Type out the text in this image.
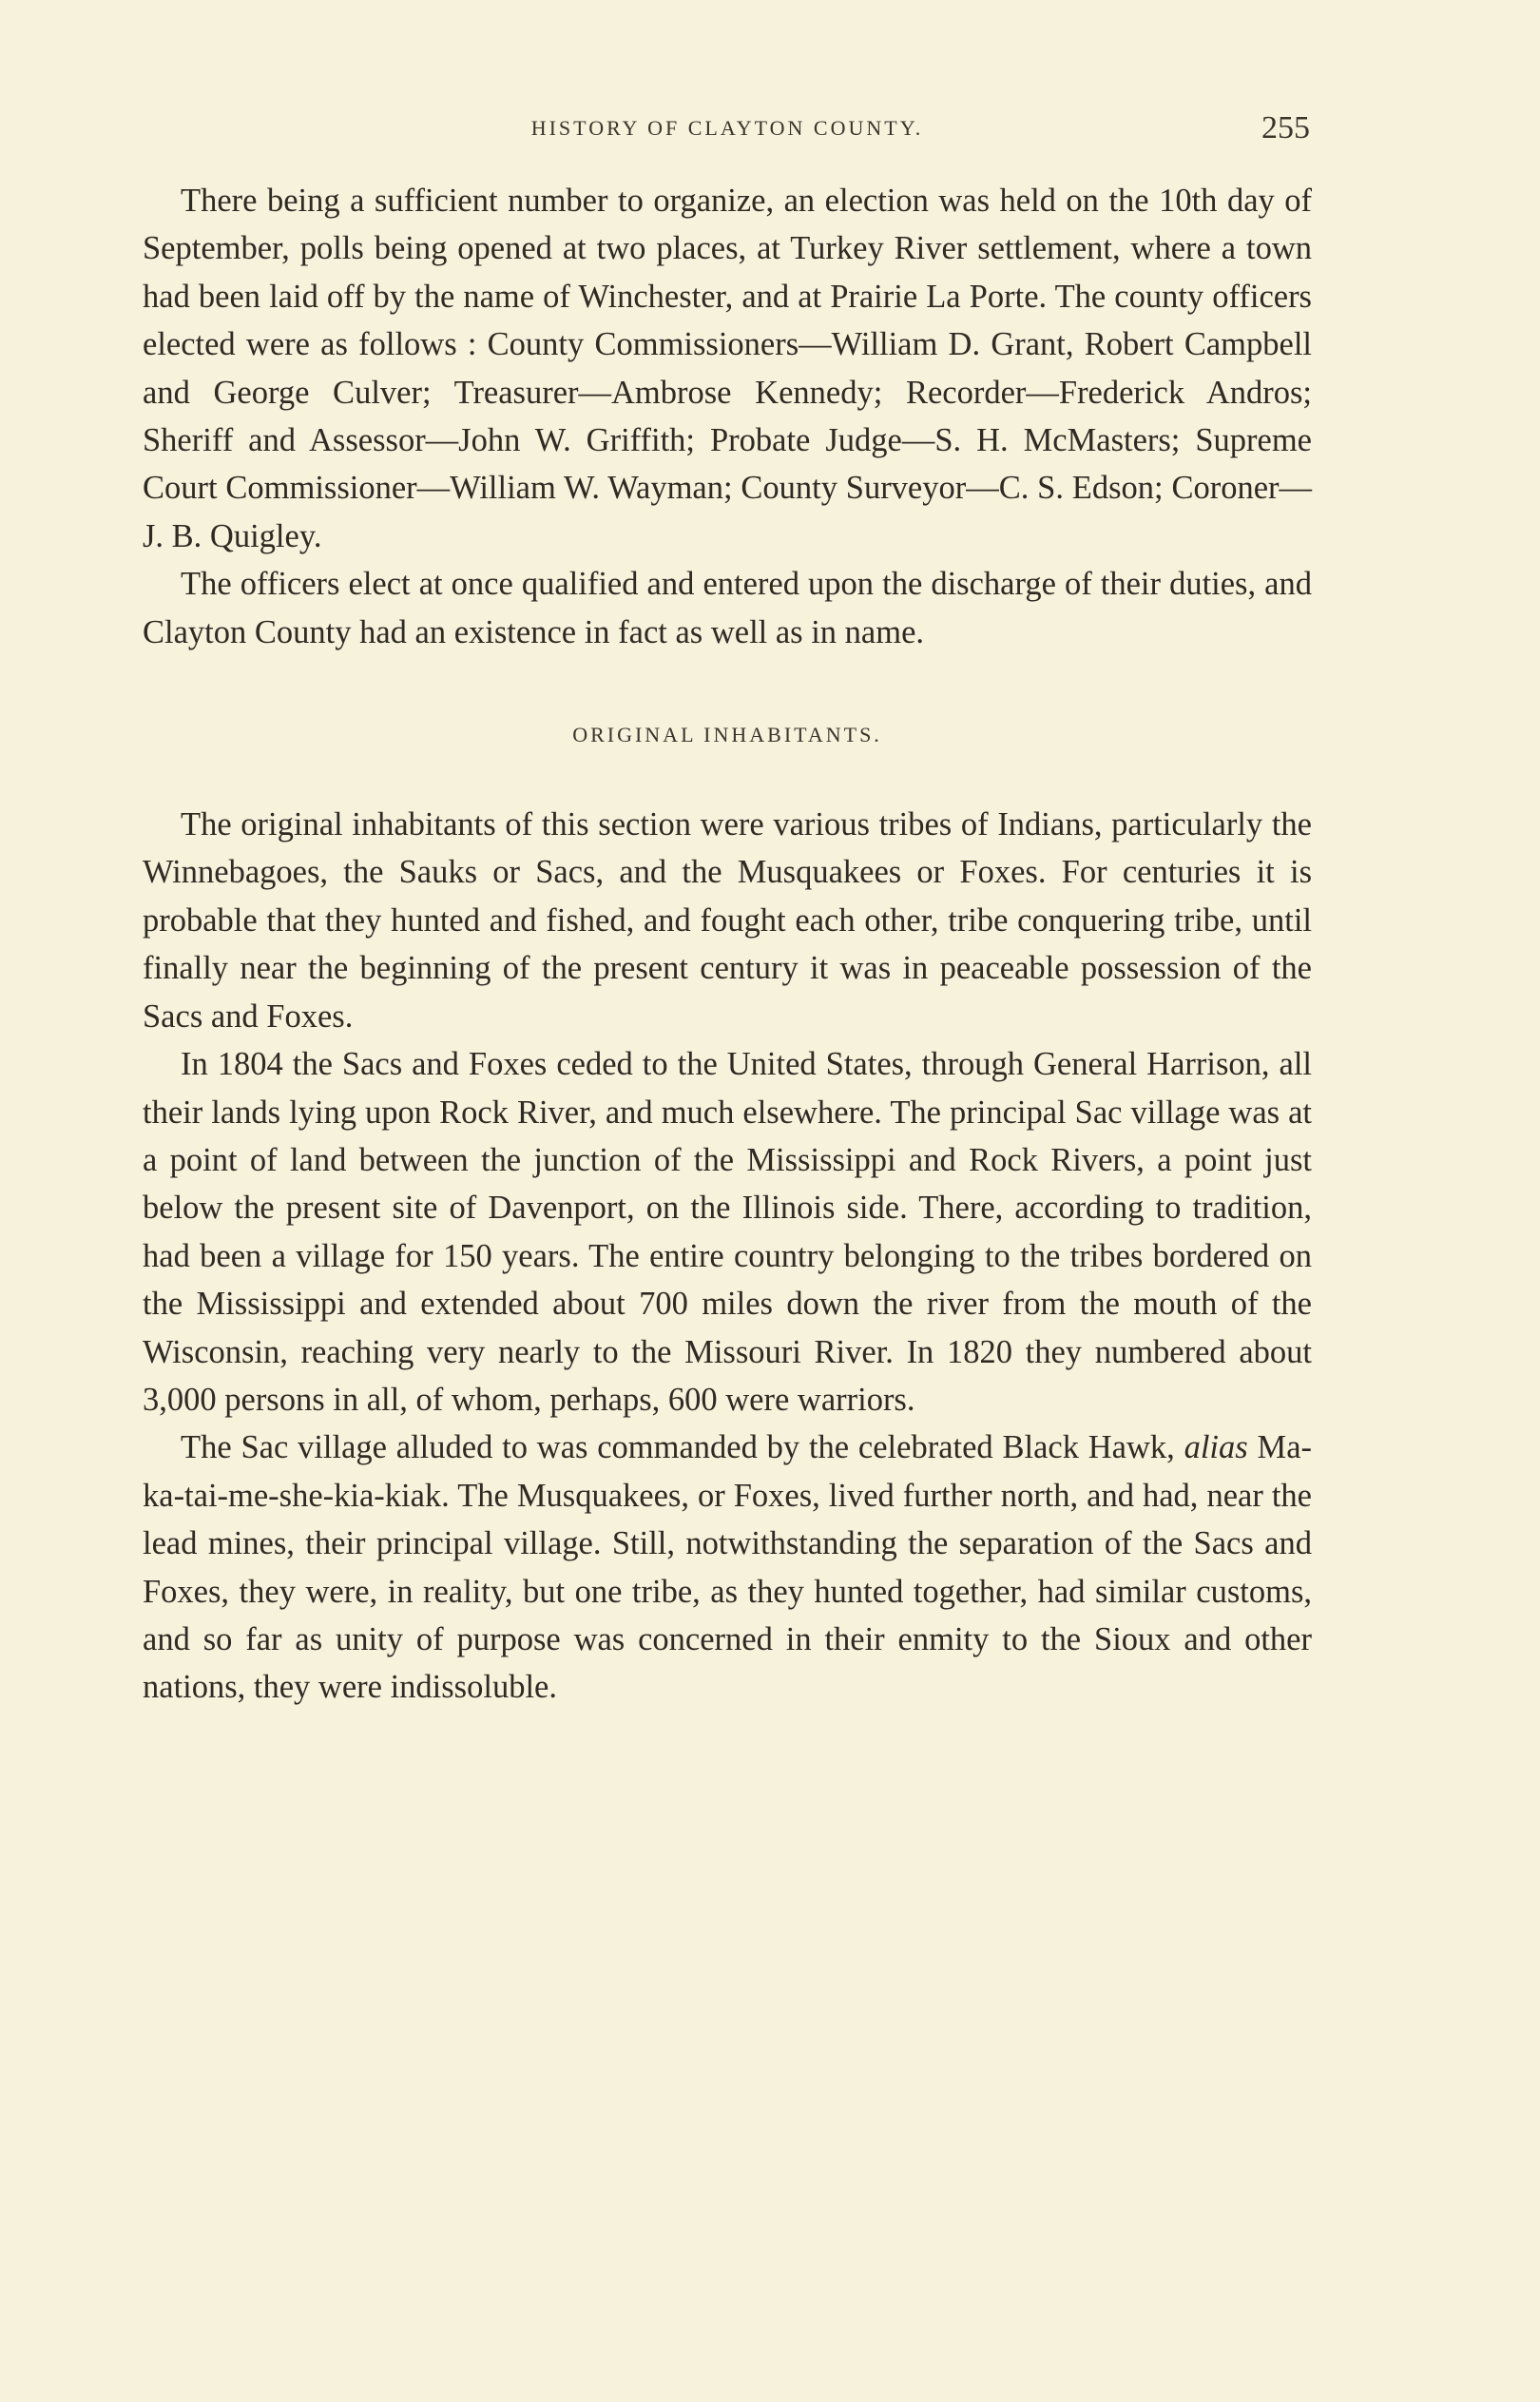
HISTORY OF CLAYTON COUNTY.	255

There being a sufficient number to organize, an election was held on the 10th day of September, polls being opened at two places, at Turkey River settlement, where a town had been laid off by the name of Winchester, and at Prairie La Porte. The county officers elected were as follows : County Commissioners—William D. Grant, Robert Campbell and George Culver; Treasurer—Ambrose Kennedy; Recorder—Frederick Andros; Sheriff and Assessor—John W. Griffith; Probate Judge—S. H. McMasters; Supreme Court Commissioner—William W. Wayman; County Surveyor—C. S. Edson; Coroner—J. B. Quigley.

The officers elect at once qualified and entered upon the discharge of their duties, and Clayton County had an existence in fact as well as in name.

ORIGINAL INHABITANTS.

The original inhabitants of this section were various tribes of Indians, particularly the Winnebagoes, the Sauks or Sacs, and the Musquakees or Foxes. For centuries it is probable that they hunted and fished, and fought each other, tribe conquering tribe, until finally near the beginning of the present century it was in peaceable possession of the Sacs and Foxes.

In 1804 the Sacs and Foxes ceded to the United States, through General Harrison, all their lands lying upon Rock River, and much elsewhere. The principal Sac village was at a point of land between the junction of the Mississippi and Rock Rivers, a point just below the present site of Davenport, on the Illinois side. There, according to tradition, had been a village for 150 years. The entire country belonging to the tribes bordered on the Mississippi and extended about 700 miles down the river from the mouth of the Wisconsin, reaching very nearly to the Missouri River. In 1820 they numbered about 3,000 persons in all, of whom, perhaps, 600 were warriors.

The Sac village alluded to was commanded by the celebrated Black Hawk, alias Ma-ka-tai-me-she-kia-kiak. The Musquakees, or Foxes, lived further north, and had, near the lead mines, their principal village. Still, notwithstanding the separation of the Sacs and Foxes, they were, in reality, but one tribe, as they hunted together, had similar customs, and so far as unity of purpose was concerned in their enmity to the Sioux and other nations, they were indissoluble.
